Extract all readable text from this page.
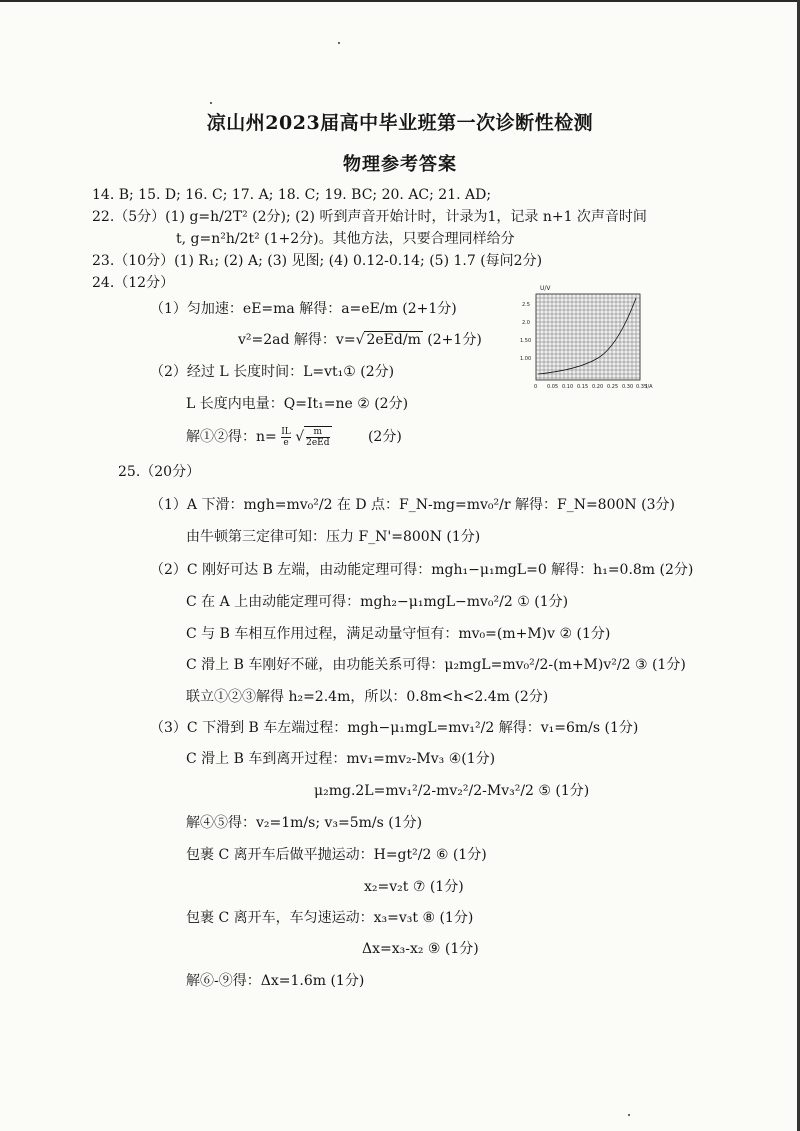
凉山州2023届高中毕业班第一次诊断性检测
物理参考答案
14. B; 15. D; 16. C; 17. A; 18. C; 19. BC; 20. AC; 21. AD;
22.（5分）(1) g=h/2T² (2分); (2) 听到声音开始计时，计录为1，记录 n+1 次声音时间
t, g=n²h/2t² (1+2分)。其他方法，只要合理同样给分
23.（10分）(1) R₁; (2) A; (3) 见图; (4) 0.12-0.14; (5) 1.7 (每问2分)
24.（12分）
（1）匀加速：eE=ma 解得：a=eE/m (2+1分)
v²=2ad 解得：v=√ 2eEd/m (2+1分)
（2）经过 L 长度时间：L=vt₁① (2分)
L 长度内电量：Q=It₁=ne ② (2分)
解①②得：$n= \frac{IL}{e}$ √ $\frac{m}{\text{2eEd}}$	(2分)
U/V
2.5
2.0
1.50
1.00
0 0.05 0.10 0.15 0.20 0.25 0.30 0.35
I/A
25.（20分）
（1）A 下滑：mgh=mv₀²/2 在 D 点：F_N-mg=mv₀²/r 解得：F_N=800N (3分)
由牛顿第三定律可知：压力 F_N'=800N (1分)
（2）C 刚好可达 B 左端，由动能定理可得：mgh₁−μ₁mgL=0 解得：h₁=0.8m (2分)
C 在 A 上由动能定理可得：mgh₂−μ₁mgL−mv₀²/2 ① (1分)
C 与 B 车相互作用过程，满足动量守恒有：mv₀=(m+M)v ② (1分)
C 滑上 B 车刚好不碰，由功能关系可得：μ₂mgL=mv₀²/2-(m+M)v²/2 ③ (1分)
联立①②③解得 h₂=2.4m，所以：0.8m<h<2.4m (2分)
（3）C 下滑到 B 车左端过程：mgh−μ₁mgL=mv₁²/2 解得：v₁=6m/s (1分)
C 滑上 B 车到离开过程：mv₁=mv₂-Mv₃ ④(1分)
μ₂mg.2L=mv₁²/2-mv₂²/2-Mv₃²/2 ⑤ (1分)
解④⑤得：v₂=1m/s; v₃=5m/s (1分)
包裹 C 离开车后做平抛运动：H=gt²/2 ⑥ (1分)
x₂=v₂t ⑦ (1分)
包裹 C 离开车，车匀速运动：x₃=v₃t ⑧ (1分)
Δx=x₃-x₂ ⑨ (1分)
解⑥-⑨得：Δx=1.6m (1分)
